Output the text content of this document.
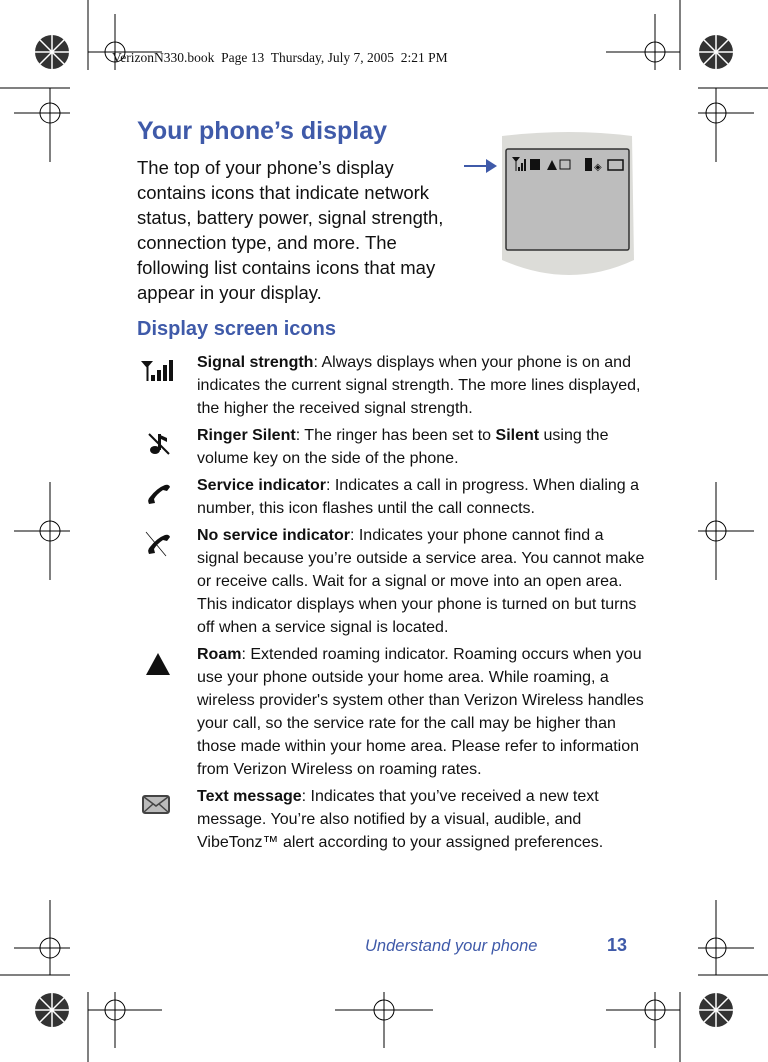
VerizonN330.book  Page 13  Thursday, July 7, 2005  2:21 PM
Your phone’s display
The top of your phone’s display contains icons that indicate network status, battery power, signal strength, connection type, and more. The following list contains icons that may appear in your display.
◈
Display screen icons
Signal strength: Always displays when your phone is on and indicates the current signal strength. The more lines displayed, the higher the received signal strength.
Ringer Silent: The ringer has been set to Silent using the volume key on the side of the phone.
Service indicator: Indicates a call in progress. When dialing a number, this icon flashes until the call connects.
No service indicator: Indicates your phone cannot find a signal because you’re outside a service area. You cannot make or receive calls. Wait for a signal or move into an open area. This indicator displays when your phone is turned on but turns off when a service signal is located.
Roam: Extended roaming indicator. Roaming occurs when you use your phone outside your home area. While roaming, a wireless provider's system other than Verizon Wireless handles your call, so the service rate for the call may be higher than those made within your home area. Please refer to information from Verizon Wireless on roaming rates.
Text message: Indicates that you’ve received a new text message. You’re also notified by a visual, audible, and VibeTonz™ alert according to your assigned preferences.
Understand your phone	13
